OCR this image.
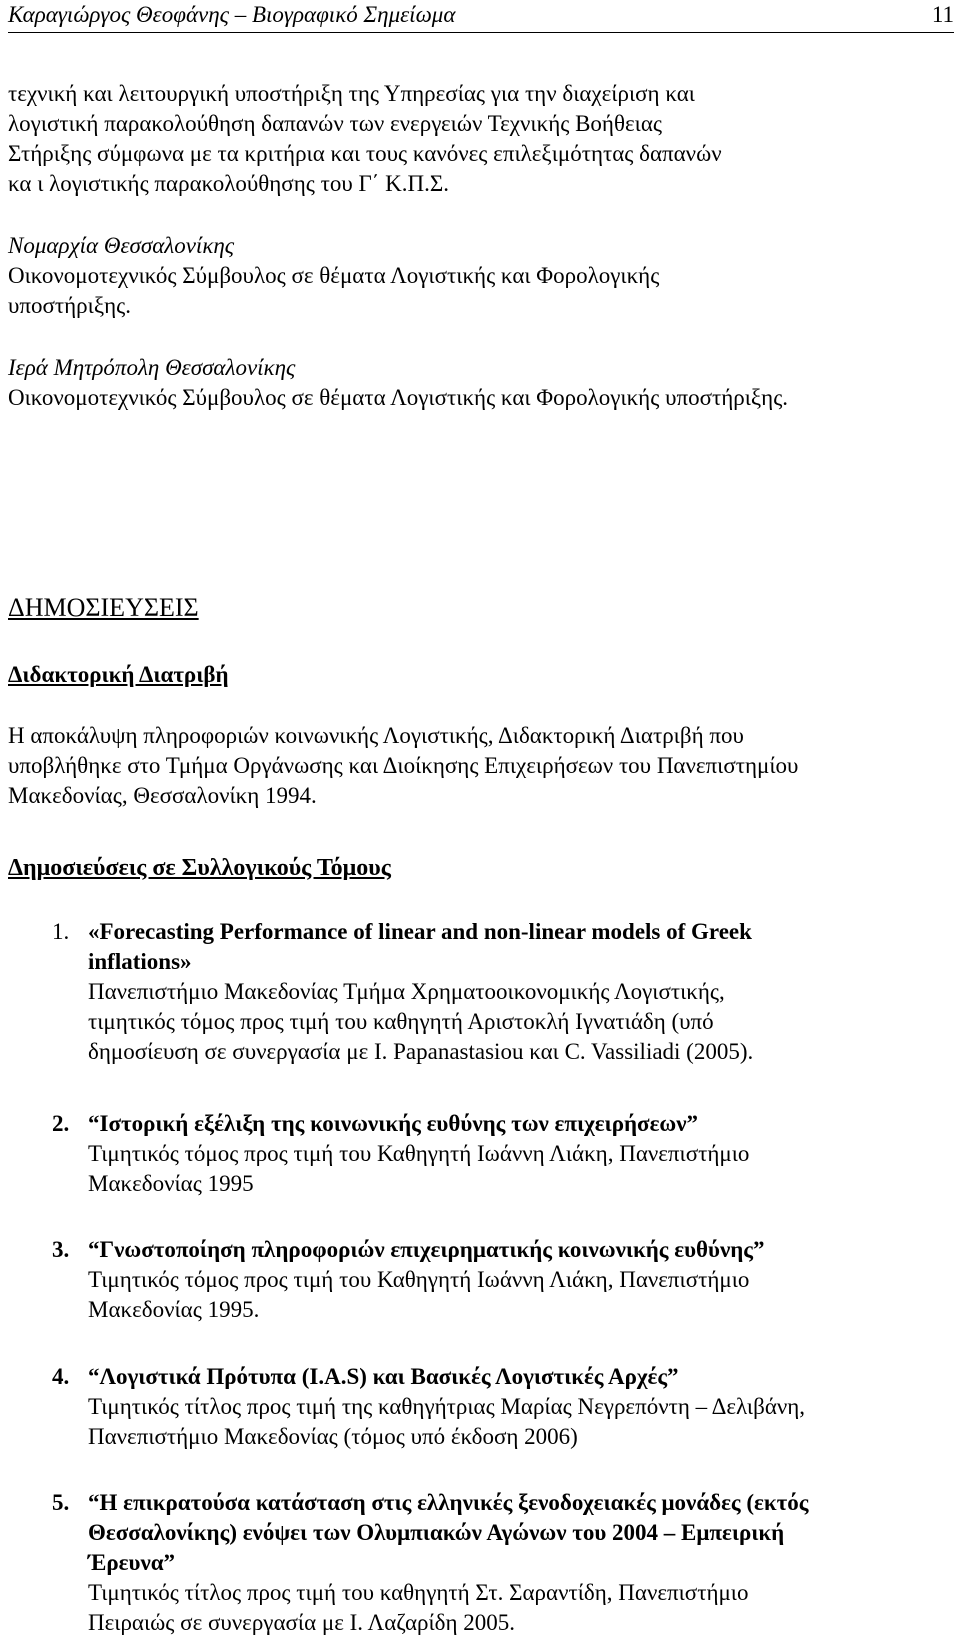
Καραγιώργος Θεοφάνης – Βιογραφικό Σημείωμα	11
τεχνική και λειτουργική υποστήριξη της Υπηρεσίας για την διαχείριση και
λογιστική παρακολούθηση δαπανών των ενεργειών Τεχνικής Βοήθειας
Στήριξης σύμφωνα με τα κριτήρια και τους κανόνες επιλεξιμότητας δαπανών
κα ι λογιστικής παρακολούθησης του Γ΄ Κ.Π.Σ.
Νομαρχία Θεσσαλονίκης
Οικονομοτεχνικός Σύμβουλος σε θέματα Λογιστικής και Φορολογικής
υποστήριξης.
Ιερά Μητρόπολη Θεσσαλονίκης
Οικονομοτεχνικός Σύμβουλος σε θέματα Λογιστικής και Φορολογικής υποστήριξης.
ΔΗΜΟΣΙΕΥΣΕΙΣ
Διδακτορική Διατριβή
Η αποκάλυψη πληροφοριών κοινωνικής Λογιστικής, Διδακτορική Διατριβή που
υποβλήθηκε στο Τμήμα Οργάνωσης και Διοίκησης Επιχειρήσεων του Πανεπιστημίου
Μακεδονίας, Θεσσαλονίκη 1994.
Δημοσιεύσεις σε Συλλογικούς Τόμους
1. «Forecasting Performance of linear and non-linear models of Greek
inflations»
Πανεπιστήμιο Μακεδονίας Τμήμα Χρηματοοικονομικής Λογιστικής,
τιμητικός τόμος προς τιμή του καθηγητή Αριστοκλή Ιγνατιάδη (υπό
δημοσίευση σε συνεργασία με I. Papanastasiou και C. Vassiliadi (2005).
2. “Ιστορική εξέλιξη της κοινωνικής ευθύνης των επιχειρήσεων”
Τιμητικός τόμος προς τιμή του Καθηγητή Ιωάννη Λιάκη, Πανεπιστήμιο
Μακεδονίας 1995
3. “Γνωστοποίηση πληροφοριών επιχειρηματικής κοινωνικής ευθύνης”
Τιμητικός τόμος προς τιμή του Καθηγητή Ιωάννη Λιάκη, Πανεπιστήμιο
Μακεδονίας 1995.
4. “Λογιστικά Πρότυπα (Ι.Α.S) και Βασικές Λογιστικές Αρχές”
Τιμητικός τίτλος προς τιμή της καθηγήτριας Μαρίας Νεγρεπόντη – Δελιβάνη,
Πανεπιστήμιο Μακεδονίας (τόμος υπό έκδοση 2006)
5. “Η επικρατούσα κατάσταση στις ελληνικές ξενοδοχειακές μονάδες (εκτός
Θεσσαλονίκης) ενόψει των Ολυμπιακών Αγώνων του 2004 – Εμπειρική
Έρευνα”
Τιμητικός τίτλος προς τιμή του καθηγητή Στ. Σαραντίδη, Πανεπιστήμιο
Πειραιώς σε συνεργασία με Ι. Λαζαρίδη 2005.
